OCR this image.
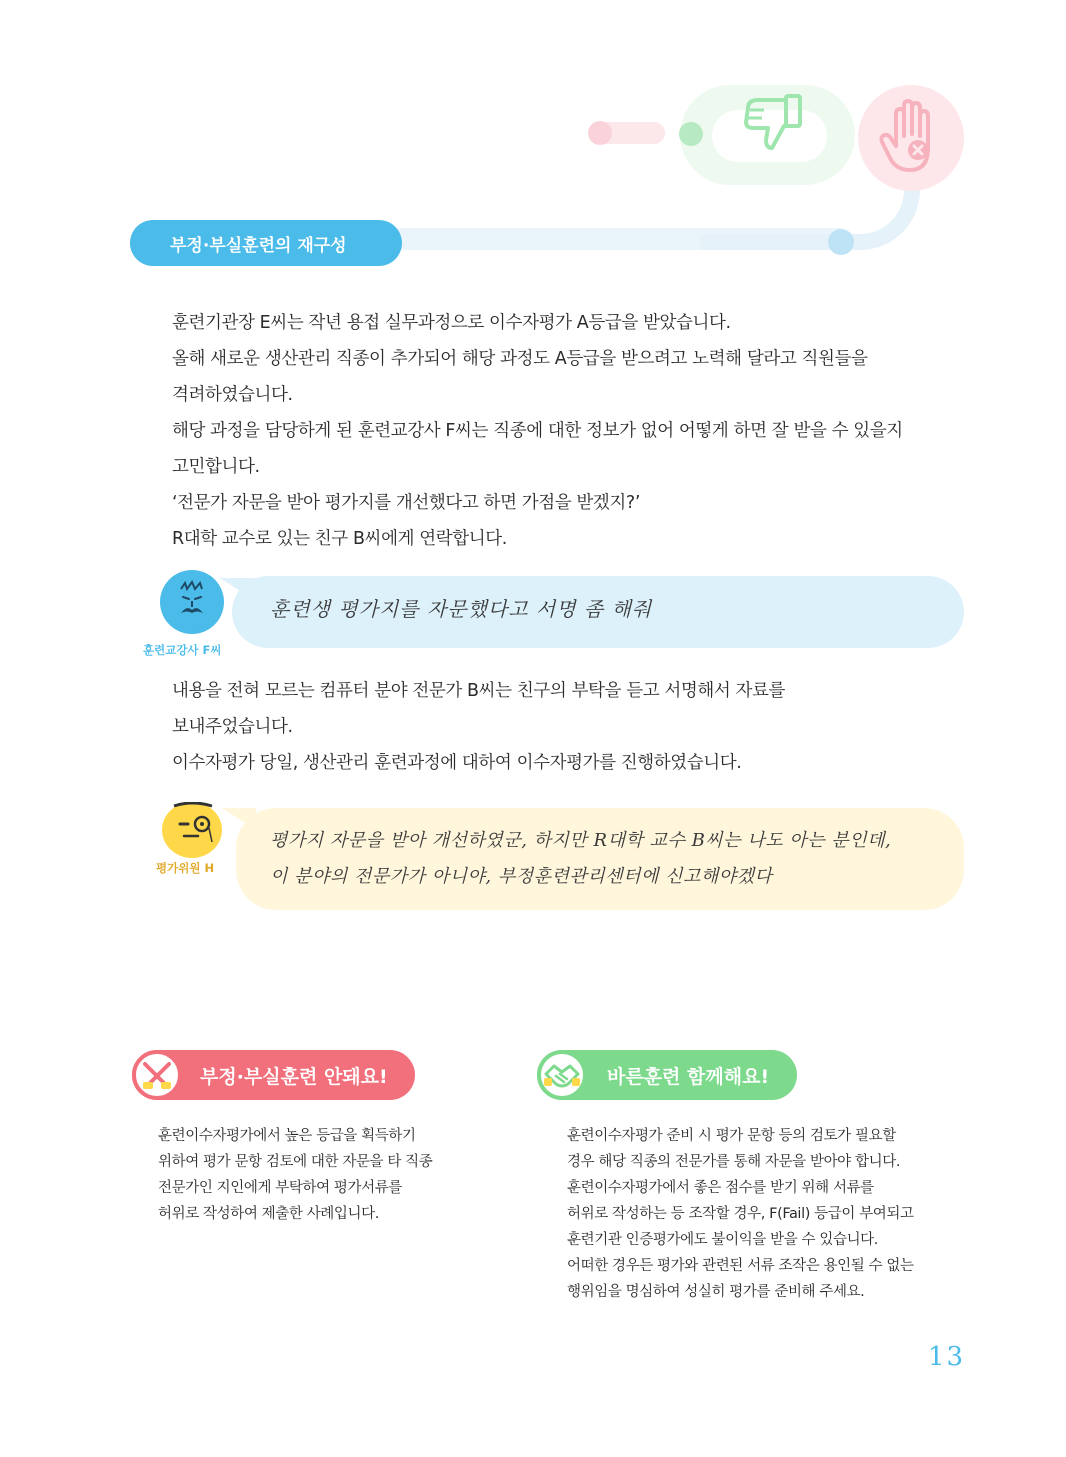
부정·부실훈련의 재구성
훈련기관장 E씨는 작년 용접 실무과정으로 이수자평가 A등급을 받았습니다.
올해 새로운 생산관리 직종이 추가되어 해당 과정도 A등급을 받으려고 노력해 달라고 직원들을
격려하였습니다.
해당 과정을 담당하게 된 훈련교강사 F씨는 직종에 대한 정보가 없어 어떻게 하면 잘 받을 수 있을지
고민합니다.
‘전문가 자문을 받아 평가지를 개선했다고 하면 가점을 받겠지?’
R대학 교수로 있는 친구 B씨에게 연락합니다.
훈련생 평가지를 자문했다고 서명 좀 해줘
훈련교강사 F씨
내용을 전혀 모르는 컴퓨터 분야 전문가 B씨는 친구의 부탁을 듣고 서명해서 자료를
보내주었습니다.
이수자평가 당일, 생산관리 훈련과정에 대하여 이수자평가를 진행하였습니다.
평가지 자문을 받아 개선하였군, 하지만 R대학 교수 B씨는 나도 아는 분인데,
이 분야의 전문가가 아니야, 부정훈련관리센터에 신고해야겠다
평가위원 H
부정·부실훈련 안돼요!
훈련이수자평가에서 높은 등급을 획득하기
위하여 평가 문항 검토에 대한 자문을 타 직종
전문가인 지인에게 부탁하여 평가서류를
허위로 작성하여 제출한 사례입니다.
바른훈련 함께해요!
훈련이수자평가 준비 시 평가 문항 등의 검토가 필요할
경우 해당 직종의 전문가를 통해 자문을 받아야 합니다.
훈련이수자평가에서 좋은 점수를 받기 위해 서류를
허위로 작성하는 등 조작할 경우, F(Fail) 등급이 부여되고
훈련기관 인증평가에도 불이익을 받을 수 있습니다.
어떠한 경우든 평가와 관련된 서류 조작은 용인될 수 없는
행위임을 명심하여 성실히 평가를 준비해 주세요.
13
